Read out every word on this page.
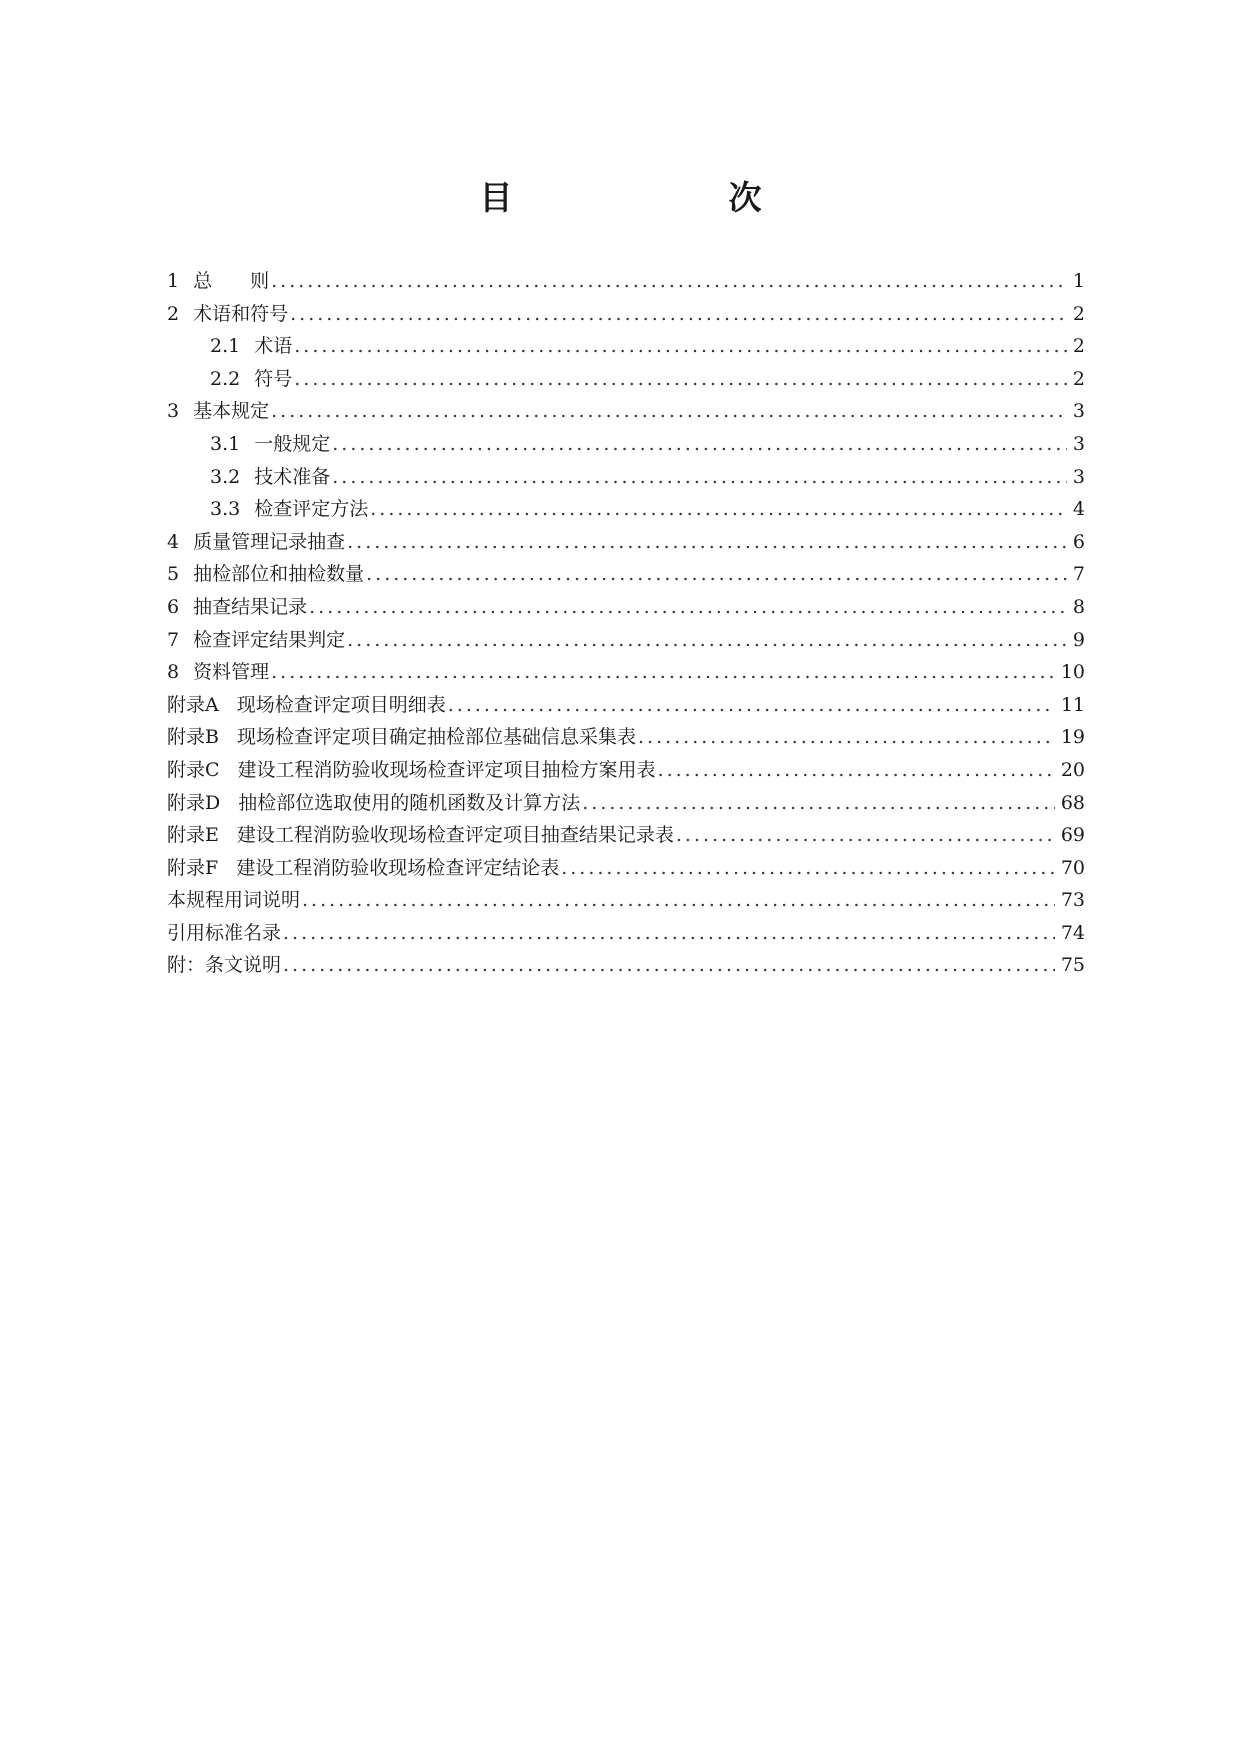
目　　次
1 总　　则 .....	1
2 术语和符号 .....	2
2.1 术语 .....	2
2.2 符号 .....	2
3 基本规定 .....	3
3.1 一般规定 .....	3
3.2 技术准备 .....	3
3.3 检查评定方法 .....	4
4 质量管理记录抽查 .....	6
5 抽检部位和抽检数量 .....	7
6 抽查结果记录 .....	8
7 检查评定结果判定 .....	9
8 资料管理 .....	10
附录A 现场检查评定项目明细表 .....	11
附录B 现场检查评定项目确定抽检部位基础信息采集表 .....	19
附录C 建设工程消防验收现场检查评定项目抽检方案用表 .....	20
附录D 抽检部位选取使用的随机函数及计算方法 .....	68
附录E 建设工程消防验收现场检查评定项目抽查结果记录表 .....	69
附录F 建设工程消防验收现场检查评定结论表 .....	70
本规程用词说明 .....	73
引用标准名录 .....	74
附：条文说明 .....	75
